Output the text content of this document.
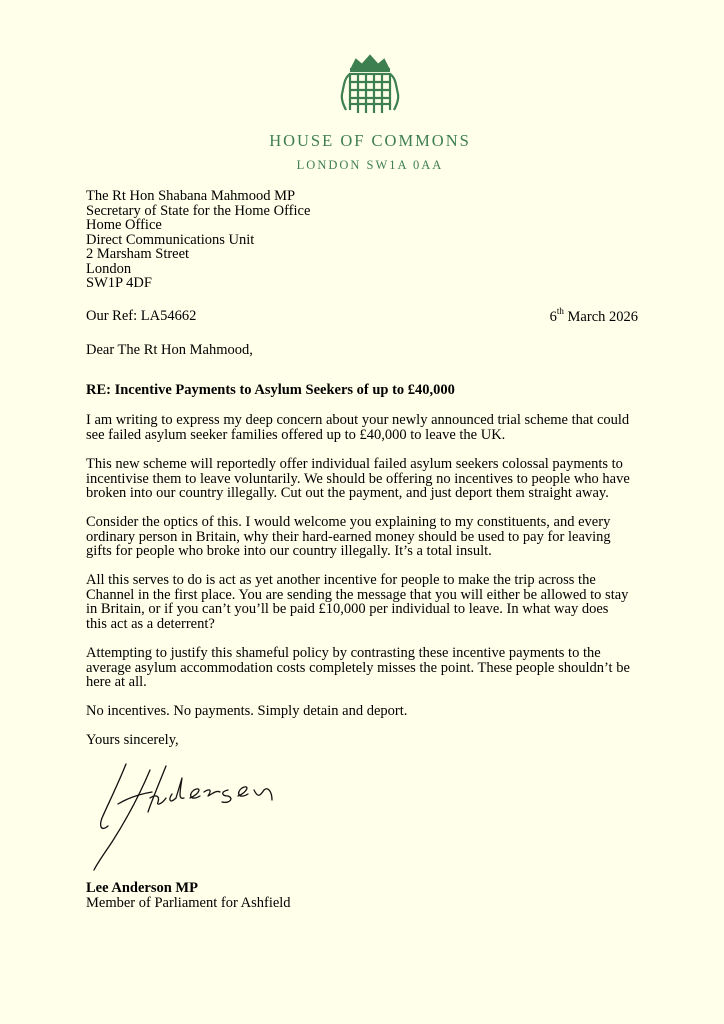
HOUSE OF COMMONS
LONDON SW1A 0AA
The Rt Hon Shabana Mahmood MP
Secretary of State for the Home Office
Home Office
Direct Communications Unit
2 Marsham Street
London
SW1P 4DF
Our Ref: LA54662	6th March 2026
Dear The Rt Hon Mahmood,
RE: Incentive Payments to Asylum Seekers of up to £40,000
I am writing to express my deep concern about your newly announced trial scheme that could
see failed asylum seeker families offered up to £40,000 to leave the UK.
This new scheme will reportedly offer individual failed asylum seekers colossal payments to
incentivise them to leave voluntarily. We should be offering no incentives to people who have
broken into our country illegally. Cut out the payment, and just deport them straight away.
Consider the optics of this. I would welcome you explaining to my constituents, and every
ordinary person in Britain, why their hard-earned money should be used to pay for leaving
gifts for people who broke into our country illegally. It’s a total insult.
All this serves to do is act as yet another incentive for people to make the trip across the
Channel in the first place. You are sending the message that you will either be allowed to stay
in Britain, or if you can’t you’ll be paid £10,000 per individual to leave. In what way does
this act as a deterrent?
Attempting to justify this shameful policy by contrasting these incentive payments to the
average asylum accommodation costs completely misses the point. These people shouldn’t be
here at all.
No incentives. No payments. Simply detain and deport.
Yours sincerely,
Lee Anderson MP
Member of Parliament for Ashfield
